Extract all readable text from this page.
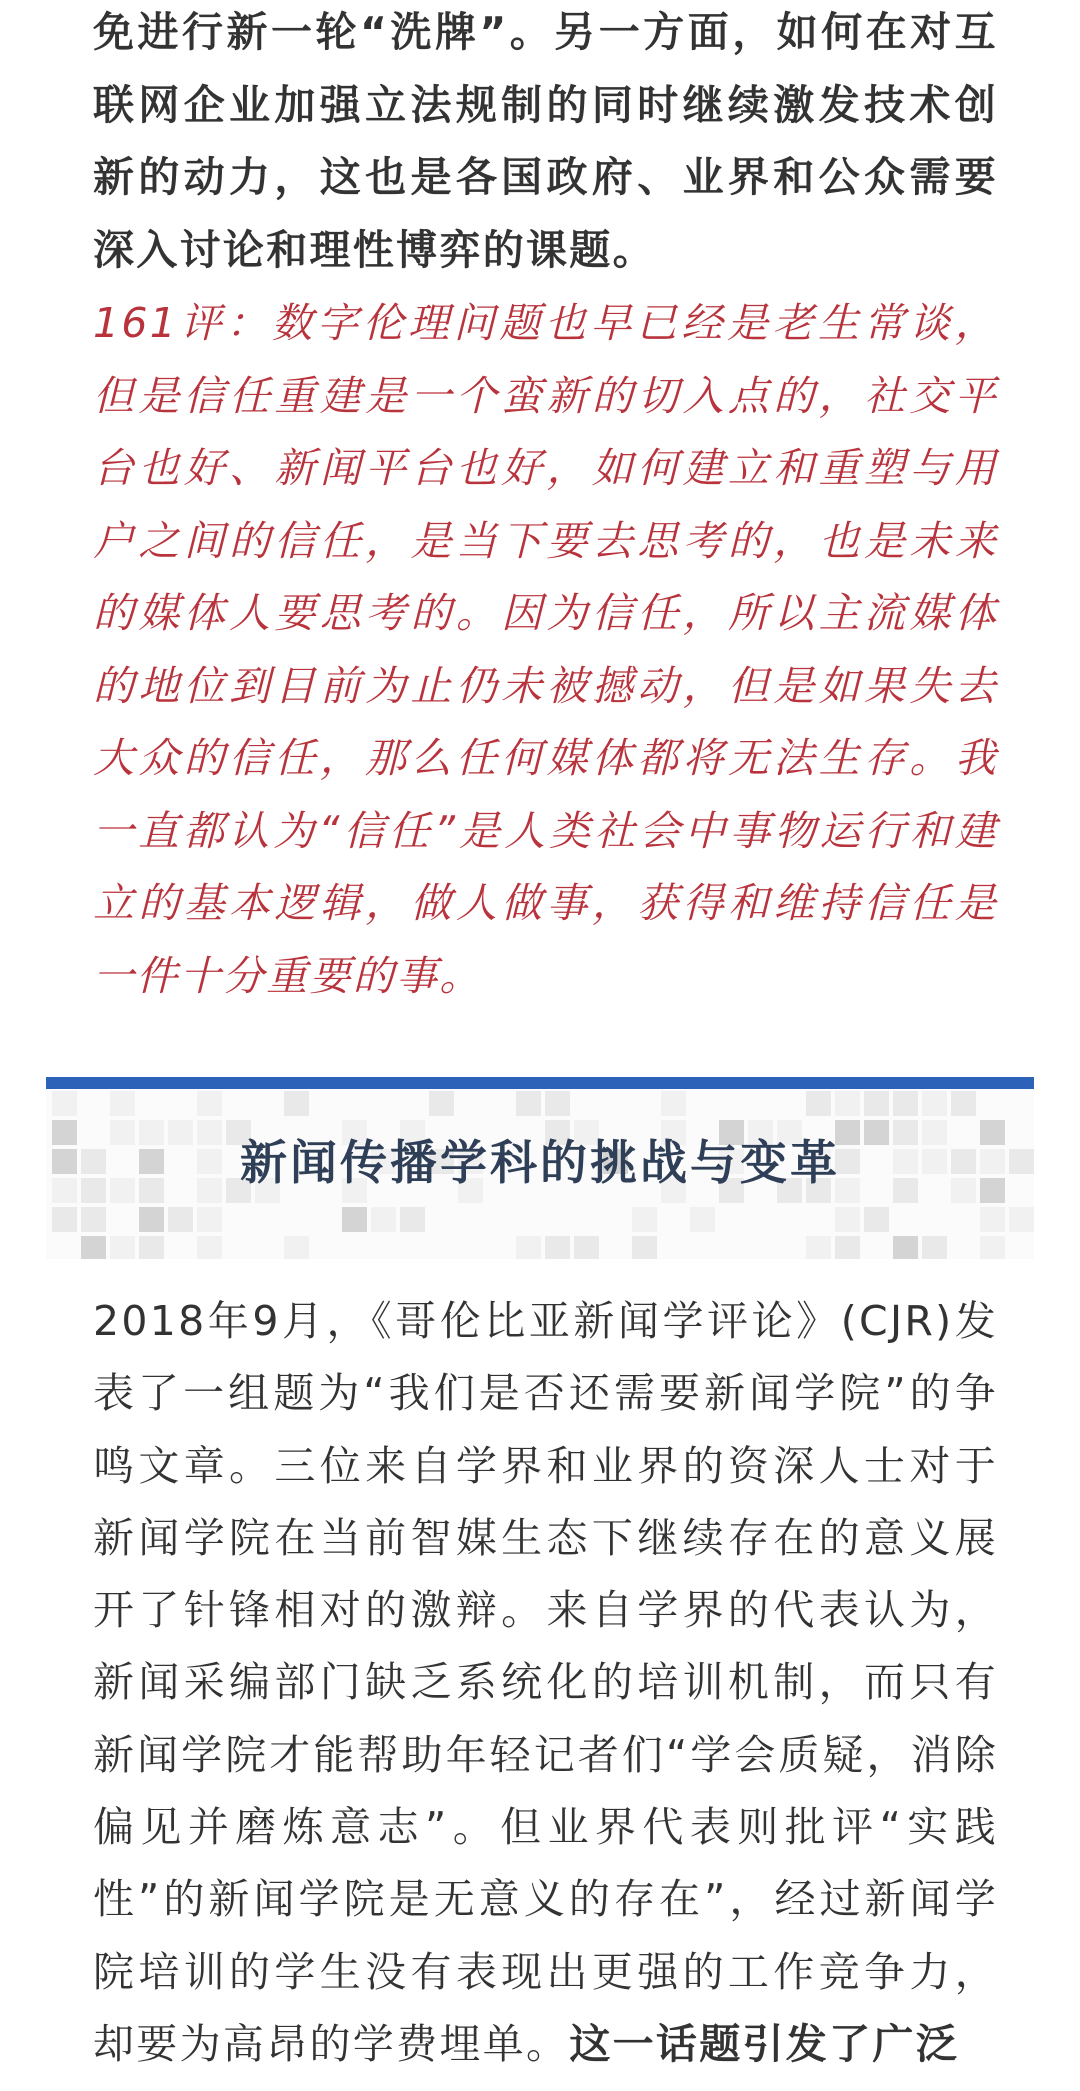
免进行新一轮“洗牌”。另一方面，如何在对互联网企业加强立法规制的同时继续激发技术创新的动力，这也是各国政府、业界和公众需要深入讨论和理性博弈的课题。

161评：数字伦理问题也早已经是老生常谈，但是信任重建是一个蛮新的切入点的，社交平台也好、新闻平台也好，如何建立和重塑与用户之间的信任，是当下要去思考的，也是未来的媒体人要思考的。因为信任，所以主流媒体的地位到目前为止仍未被撼动，但是如果失去大众的信任，那么任何媒体都将无法生存。我一直都认为“信任”是人类社会中事物运行和建立的基本逻辑，做人做事，获得和维持信任是一件十分重要的事。

新闻传播学科的挑战与变革

2018年9月，《哥伦比亚新闻学评论》(CJR)发表了一组题为“我们是否还需要新闻学院”的争鸣文章。三位来自学界和业界的资深人士对于新闻学院在当前智媒生态下继续存在的意义展开了针锋相对的激辩。来自学界的代表认为，新闻采编部门缺乏系统化的培训机制，而只有新闻学院才能帮助年轻记者们“学会质疑，消除偏见并磨炼意志”。但业界代表则批评“实践性”的新闻学院是无意义的存在”，经过新闻学院培训的学生没有表现出更强的工作竞争力，却要为高昂的学费埋单。这一话题引发了广泛
